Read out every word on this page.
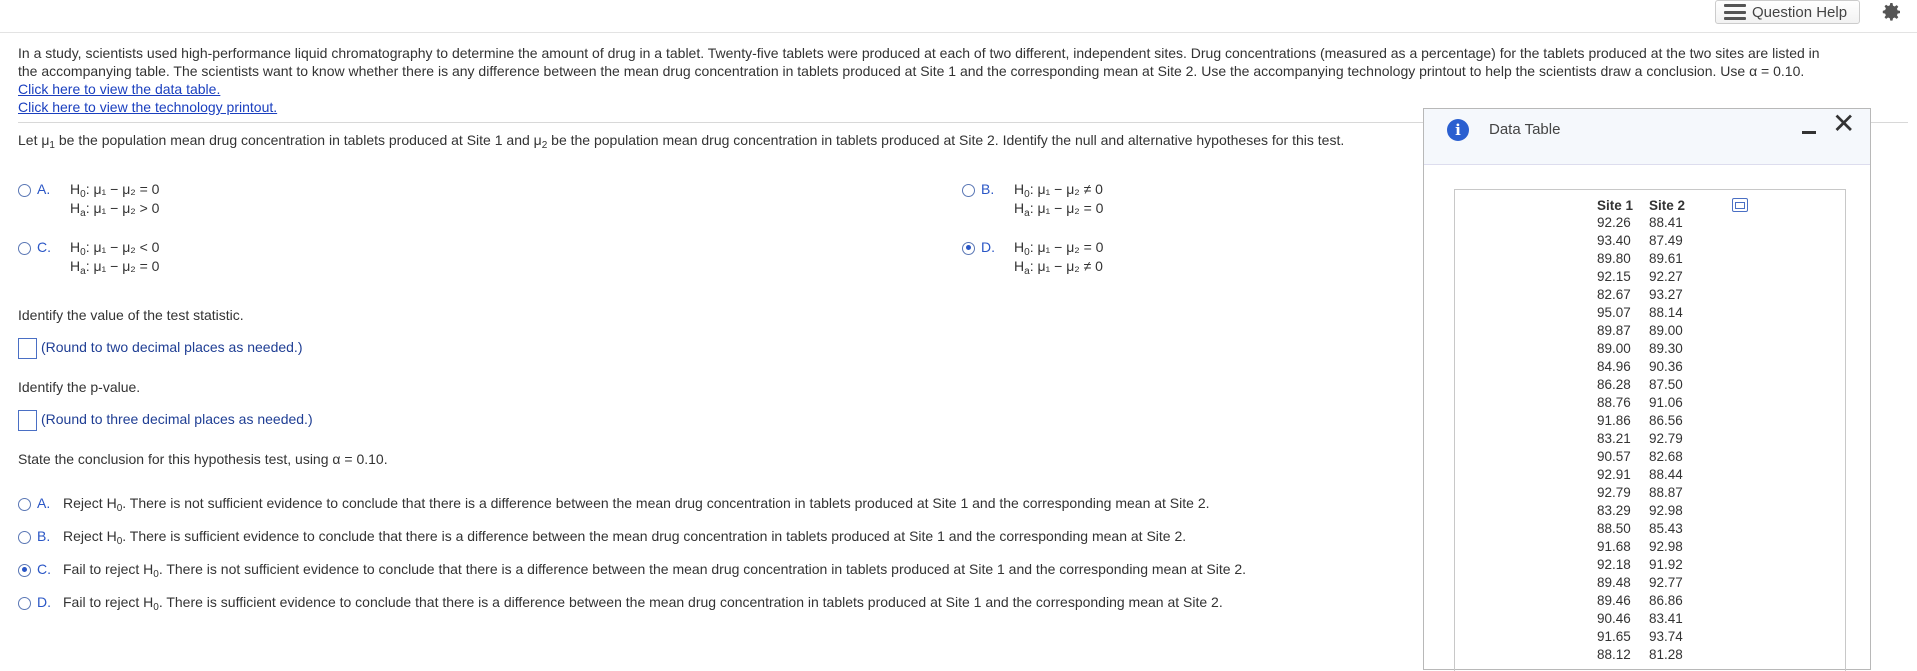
Question Help
In a study, scientists used high-performance liquid chromatography to determine the amount of drug in a tablet. Twenty-five tablets were produced at each of two different, independent sites. Drug concentrations (measured as a percentage) for the tablets produced at the two sites are listed in
the accompanying table. The scientists want to know whether there is any difference between the mean drug concentration in tablets produced at Site 1 and the corresponding mean at Site 2. Use the accompanying technology printout to help the scientists draw a conclusion. Use α = 0.10.
Click here to view the data table.
Click here to view the technology printout.
Let $\mu_1$ be the population mean drug concentration in tablets produced at Site 1 and $\mu_2$ be the population mean drug concentration in tablets produced at Site 2. Identify the null and alternative hypotheses for this test.
A. $H_0$: μ₁ − μ₂ = 0
$H_a$: μ₁ − μ₂ > 0
B. $H_0$: μ₁ − μ₂ ≠ 0
$H_a$: μ₁ − μ₂ = 0
C. $H_0$: μ₁ − μ₂ < 0
$H_a$: μ₁ − μ₂ = 0
D. $H_0$: μ₁ − μ₂ = 0
$H_a$: μ₁ − μ₂ ≠ 0
Identify the value of the test statistic.
(Round to two decimal places as needed.)
Identify the p-value.
(Round to three decimal places as needed.)
State the conclusion for this hypothesis test, using α = 0.10.
A. Reject $H_0$. There is not sufficient evidence to conclude that there is a difference between the mean drug concentration in tablets produced at Site 1 and the corresponding mean at Site 2.
B. Reject $H_0$. There is sufficient evidence to conclude that there is a difference between the mean drug concentration in tablets produced at Site 1 and the corresponding mean at Site 2.
C. Fail to reject $H_0$. There is not sufficient evidence to conclude that there is a difference between the mean drug concentration in tablets produced at Site 1 and the corresponding mean at Site 2.
D. Fail to reject $H_0$. There is sufficient evidence to conclude that there is a difference between the mean drug concentration in tablets produced at Site 1 and the corresponding mean at Site 2.
i	Data Table	✕
Site 1	Site 2
92.26	88.41
93.40	87.49
89.80	89.61
92.15	92.27
82.67	93.27
95.07	88.14
89.87	89.00
89.00	89.30
84.96	90.36
86.28	87.50
88.76	91.06
91.86	86.56
83.21	92.79
90.57	82.68
92.91	88.44
92.79	88.87
83.29	92.98
88.50	85.43
91.68	92.98
92.18	91.92
89.48	92.77
89.46	86.86
90.46	83.41
91.65	93.74
88.12	81.28
